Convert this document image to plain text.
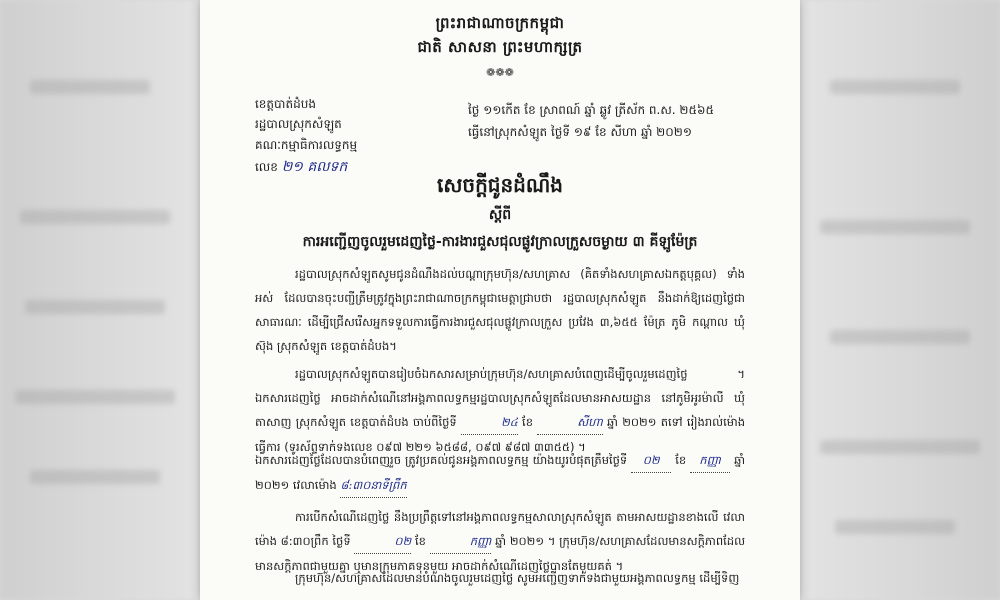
ព្រះរាជាណាចក្រកម្ពុជា
ជាតិ សាសនា ព្រះមហាក្សត្រ
❁❁❁
ខេត្តបាត់ដំបង
រដ្ឋបាលស្រុកសំឡូត
គណៈកម្មាធិការលទ្ធកម្ម
លេខ ២១ គលទក
ថ្ងៃ ១១កើត ខែ ស្រាពណ៍ ឆ្នាំ ឆ្លូវ ត្រីស័ក ព.ស. ២៥៦៥
ធ្វើនៅស្រុកសំឡូត ថ្ងៃទី ១៩ ខែ សីហា ឆ្នាំ ២០២១
សេចក្តីជូនដំណឹង
ស្តីពី
ការអញ្ជើញចូលរួមដេញថ្លៃ-ការងារជួសជុលផ្លូវក្រាលក្រួសចម្ងាយ ៣ គីឡូម៉ែត្រ
រដ្ឋបាលស្រុកសំឡូតសូមជូនដំណឹងដល់បណ្តាក្រុមហ៊ុន/សហគ្រាស (គិតទាំងសហគ្រាសឯកត្តបុគ្គល) ទាំងអស់ ដែលបានចុះបញ្ជីត្រឹមត្រូវក្នុងព្រះរាជាណាចក្រកម្ពុជាមេត្តាជ្រាបថា រដ្ឋបាលស្រុកសំឡូត នឹងដាក់ឱ្យដេញថ្លៃជាសាធារណៈ ដើម្បីជ្រើសរើសអ្នកទទួលការធ្វើការងារជួសជុលផ្លូវក្រាលក្រួស ប្រវែង ៣,៦៥៥ ម៉ែត្រ ភូមិ កណ្តាល ឃុំ ស៊ុង ស្រុកសំឡូត ខេត្តបាត់ដំបង។
រដ្ឋបាលស្រុកសំឡូតបានរៀបចំឯកសារសម្រាប់ក្រុមហ៊ុន/សហគ្រាសបំពេញដើម្បីចូលរួមដេញថ្លៃ ។ ឯកសារដេញថ្លៃ អាចដាក់សំណើនៅអង្គភាពលទ្ធកម្មរដ្ឋបាលស្រុកសំឡូតដែលមានអាសយដ្ឋាន នៅភូមិអូរម៉ាលី ឃុំ តាសាញ ស្រុកសំឡូត ខេត្តបាត់ដំបង ចាប់ពីថ្ងៃទី	២៤ ខែ	សីហា ឆ្នាំ ២០២១ តទៅ រៀងរាល់ម៉ោងធ្វើការ (ទូរស័ព្ទទាក់ទងលេខ ០៩៧ ២២១ ៦៥៨៨, ០៩៧ ៩៨៧ ៣៣៥៥) ។
ឯកសារដេញថ្លៃដែលបានបំពេញរួច ត្រូវប្រគល់ជូនអង្គភាពលទ្ធកម្ម យ៉ាងយូរបំផុតត្រឹមថ្ងៃទី ០២ ខែ កញ្ញា ឆ្នាំ ២០២១ វេលាម៉ោង ៨:៣០នាទីព្រឹក
ការបើកសំណើដេញថ្លៃ នឹងប្រព្រឹត្តទៅនៅអង្គភាពលទ្ធកម្មសាលាស្រុកសំឡូត តាមអាសយដ្ឋានខាងលើ វេលាម៉ោង ៨:៣០ព្រឹក ថ្ងៃទី	០២ ខែ	កញ្ញា ឆ្នាំ ២០២១ ។ ក្រុមហ៊ុន/សហគ្រាសដែលមានសក្តិភាពដែលមានសក្តិភាពជាមួយគ្នា ឬមានក្រុមភាគទុនមួយ អាចដាក់សំណើដេញថ្លៃបានតែមួយគត់ ។
ក្រុមហ៊ុន/សហគ្រាសដែលមានបំណងចូលរួមដេញថ្លៃ សូមអញ្ជើញទាក់ទងជាមួយអង្គភាពលទ្ធកម្ម ដើម្បីទិញ
